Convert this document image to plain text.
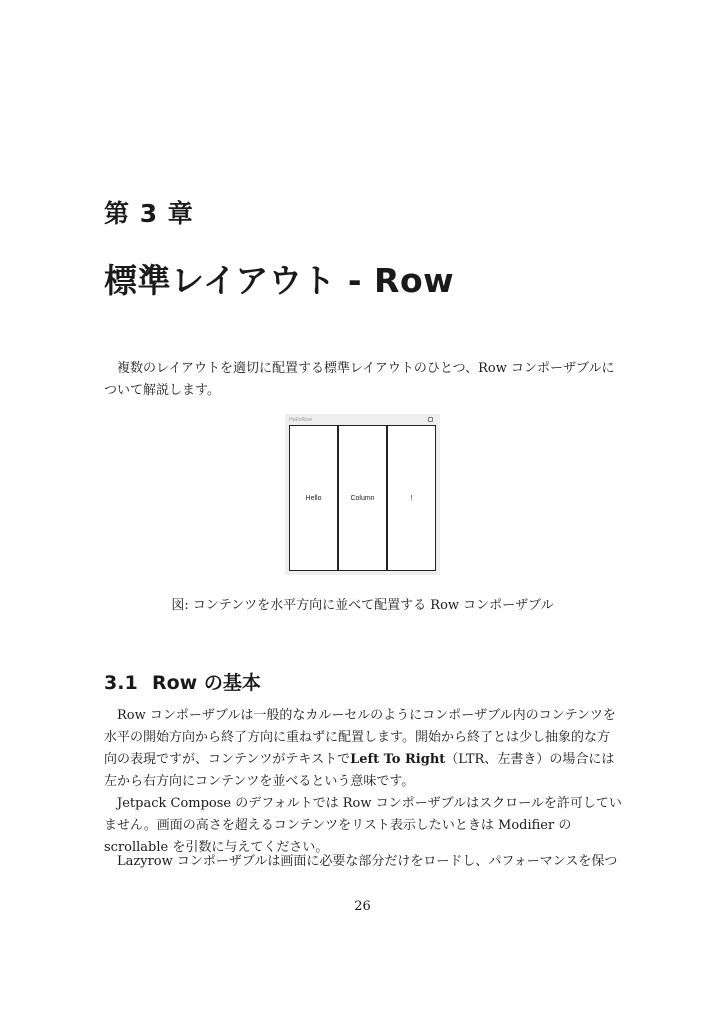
第 3 章
標準レイアウト - Row

複数のレイアウトを適切に配置する標準レイアウトのひとつ、Row コンポーザブルについて解説します。

HelloRow
Hello	Column	!
図: コンテンツを水平方向に並べて配置する Row コンポーザブル
3.1 Row の基本

Row コンポーザブルは一般的なカルーセルのようにコンポーザブル内のコンテンツを水平の開始方向から終了方向に重ねずに配置します。開始から終了とは少し抽象的な方向の表現ですが、コンテンツがテキストでLeft To Right（LTR、左書き）の場合には左から右方向にコンテンツを並べるという意味です。

Jetpack Compose のデフォルトでは Row コンポーザブルはスクロールを許可していません。画面の高さを超えるコンテンツをリスト表示したいときは Modifier の scrollable を引数に与えてください。

Lazyrow コンポーザブルは画面に必要な部分だけをロードし、パフォーマンスを保つ

26
